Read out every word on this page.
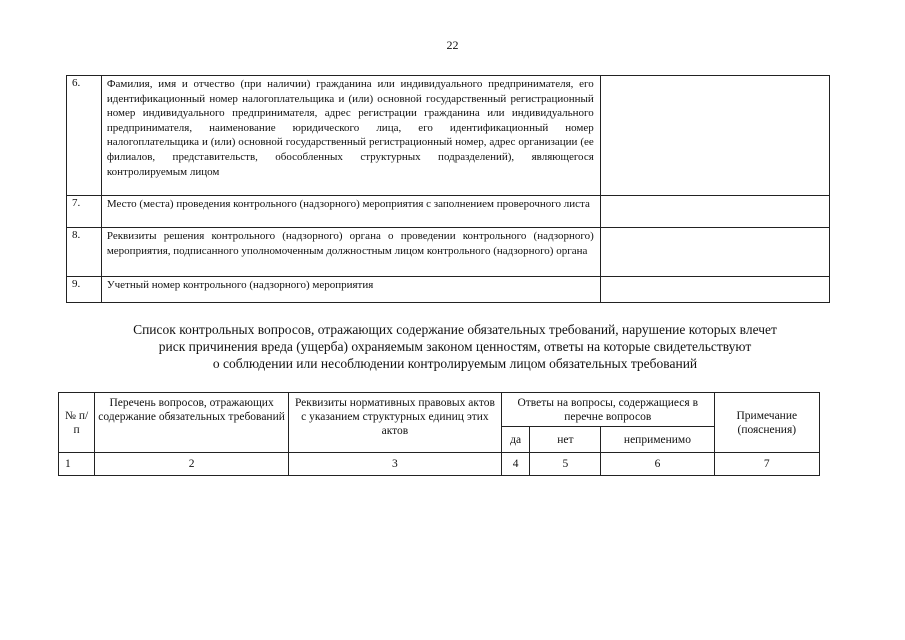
22
6.	Фамилия, имя и отчество (при наличии) гражданина или индивидуального предпринимателя, его идентификационный номер налогоплательщика и (или) основной государственный регистрационный номер индивидуального предпринимателя, адрес регистрации гражданина или индивидуального предпринимателя, наименование юридического лица, его идентификационный номер налогоплательщика и (или) основной государственный регистрационный номер, адрес организации (ее филиалов, представительств, обособленных структурных подразделений), являющегося контролируемым лицом	
7.	Место (места) проведения контрольного (надзорного) мероприятия с заполнением проверочного листа	
8.	Реквизиты решения контрольного (надзорного) органа о проведении контрольного (надзорного) мероприятия, подписанного уполномоченным должностным лицом контрольного (надзорного) органа	
9.	Учетный номер контрольного (надзорного) мероприятия	
Список контрольных вопросов, отражающих содержание обязательных требований, нарушение которых влечет
риск причинения вреда (ущерба) охраняемым законом ценностям, ответы на которые свидетельствуют
о соблюдении или несоблюдении контролируемым лицом обязательных требований
№ п/п	Перечень вопросов, отражающих содержание обязательных требований	Реквизиты нормативных правовых актов с указанием структурных единиц этих актов	Ответы на вопросы, содержащиеся в перечне вопросов			Примечание (пояснения)
			да	нет	неприменимо	
1	2	3	4	5	6	7
